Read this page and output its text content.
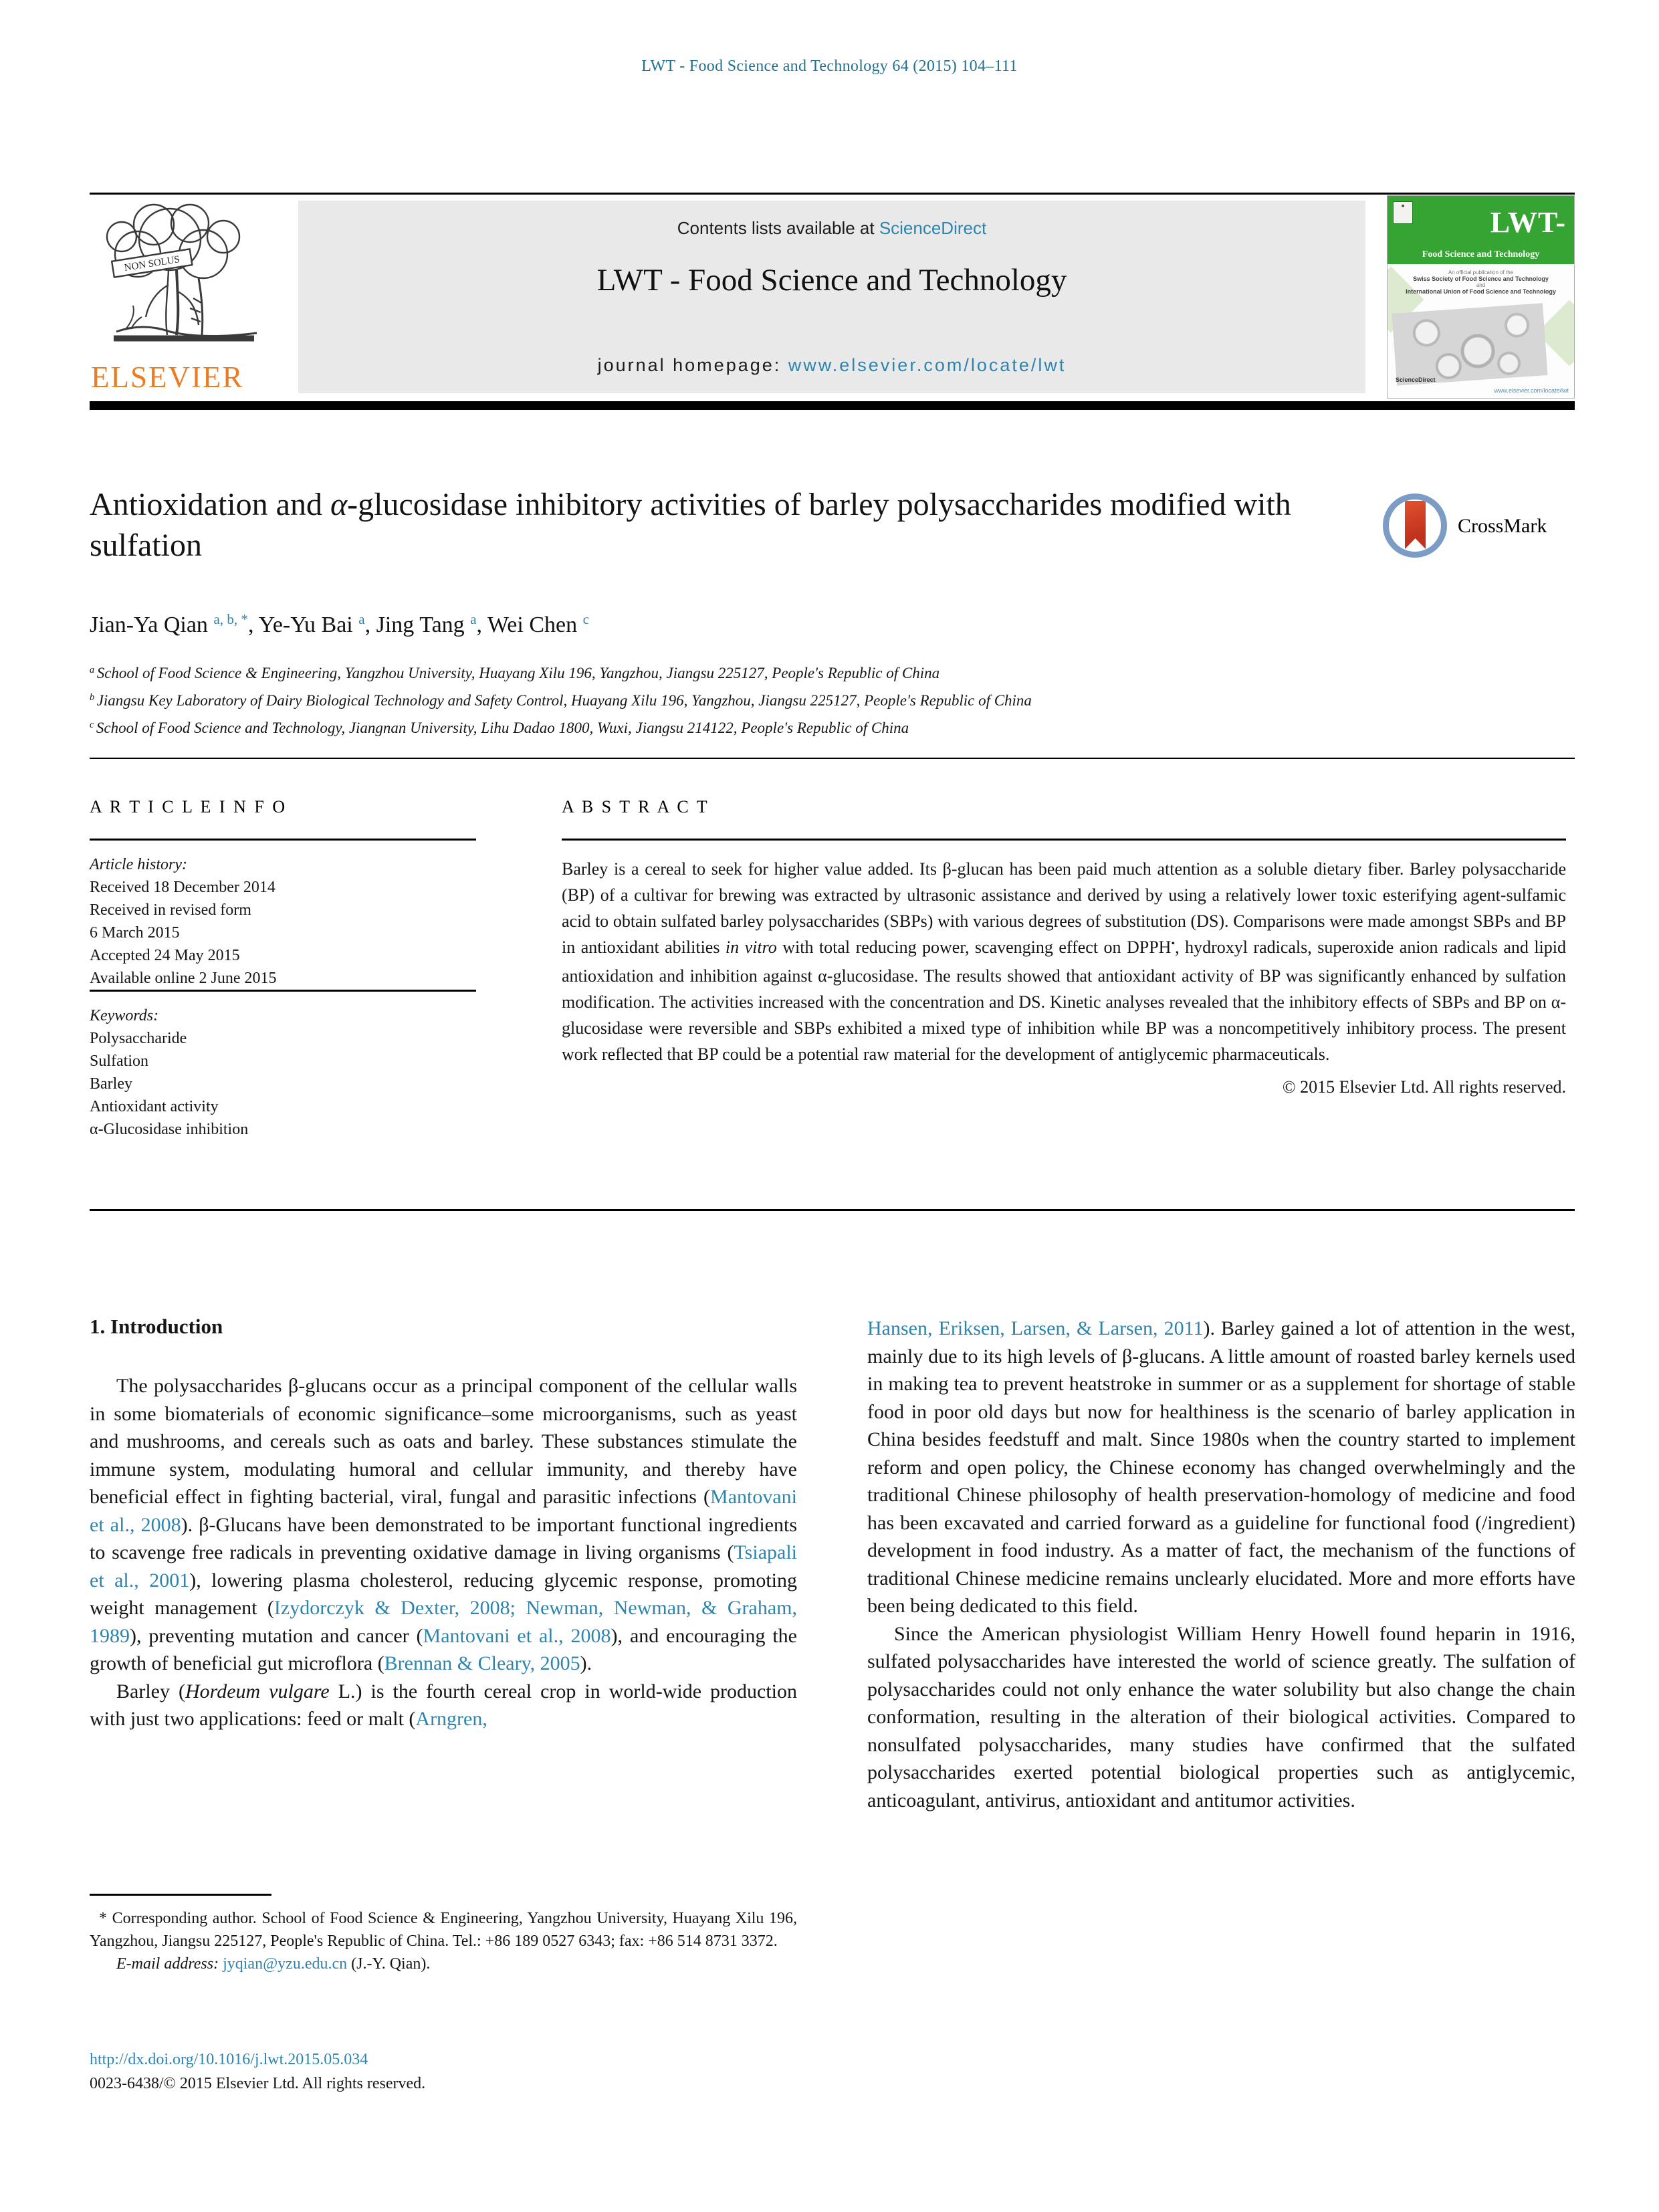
LWT - Food Science and Technology 64 (2015) 104–111
NON SOLUS
ELSEVIER
Contents lists available at ScienceDirect
LWT - Food Science and Technology
journal homepage: www.elsevier.com/locate/lwt
♣	LWT-
Food Science and Technology
An official publication of the
Swiss Society of Food Science and Technology
and
International Union of Food Science and Technology
ScienceDirect
www.elsevier.com/locate/lwt
CrossMark
Antioxidation and α-glucosidase inhibitory activities of barley polysaccharides modified with sulfation
Jian-Ya Qian $^{a, b, *}$, Ye-Yu Bai $^a$, Jing Tang $^a$, Wei Chen $^c$
$^a$ School of Food Science & Engineering, Yangzhou University, Huayang Xilu 196, Yangzhou, Jiangsu 225127, People's Republic of China
$^b$ Jiangsu Key Laboratory of Dairy Biological Technology and Safety Control, Huayang Xilu 196, Yangzhou, Jiangsu 225127, People's Republic of China
$^c$ School of Food Science and Technology, Jiangnan University, Lihu Dadao 1800, Wuxi, Jiangsu 214122, People's Republic of China
A R T I C L E I N F O	A B S T R A C T
Article history:
Received 18 December 2014
Received in revised form
6 March 2015
Accepted 24 May 2015
Available online 2 June 2015
Keywords:
Polysaccharide
Sulfation
Barley
Antioxidant activity
α-Glucosidase inhibition
Barley is a cereal to seek for higher value added. Its β-glucan has been paid much attention as a soluble dietary fiber. Barley polysaccharide (BP) of a cultivar for brewing was extracted by ultrasonic assistance and derived by using a relatively lower toxic esterifying agent-sulfamic acid to obtain sulfated barley polysaccharides (SBPs) with various degrees of substitution (DS). Comparisons were made amongst SBPs and BP in antioxidant abilities in vitro with total reducing power, scavenging effect on DPPH•, hydroxyl radicals, superoxide anion radicals and lipid antioxidation and inhibition against α-glucosidase. The results showed that antioxidant activity of BP was significantly enhanced by sulfation modification. The activities increased with the concentration and DS. Kinetic analyses revealed that the inhibitory effects of SBPs and BP on α-glucosidase were reversible and SBPs exhibited a mixed type of inhibition while BP was a noncompetitively inhibitory process. The present work reflected that BP could be a potential raw material for the development of antiglycemic pharmaceuticals.
© 2015 Elsevier Ltd. All rights reserved.
1. Introduction

The polysaccharides β-glucans occur as a principal component of the cellular walls in some biomaterials of economic significance–some microorganisms, such as yeast and mushrooms, and cereals such as oats and barley. These substances stimulate the immune system, modulating humoral and cellular immunity, and thereby have beneficial effect in fighting bacterial, viral, fungal and parasitic infections (Mantovani et al., 2008). β-Glucans have been demonstrated to be important functional ingredients to scavenge free radicals in preventing oxidative damage in living organisms (Tsiapali et al., 2001), lowering plasma cholesterol, reducing glycemic response, promoting weight management (Izydorczyk & Dexter, 2008; Newman, Newman, & Graham, 1989), preventing mutation and cancer (Mantovani et al., 2008), and encouraging the growth of beneficial gut microflora (Brennan & Cleary, 2005).

Barley (Hordeum vulgare L.) is the fourth cereal crop in world-wide production with just two applications: feed or malt (Arngren,

Hansen, Eriksen, Larsen, & Larsen, 2011). Barley gained a lot of attention in the west, mainly due to its high levels of β-glucans. A little amount of roasted barley kernels used in making tea to prevent heatstroke in summer or as a supplement for shortage of stable food in poor old days but now for healthiness is the scenario of barley application in China besides feedstuff and malt. Since 1980s when the country started to implement reform and open policy, the Chinese economy has changed overwhelmingly and the traditional Chinese philosophy of health preservation-homology of medicine and food has been excavated and carried forward as a guideline for functional food (/ingredient) development in food industry. As a matter of fact, the mechanism of the functions of traditional Chinese medicine remains unclearly elucidated. More and more efforts have been being dedicated to this field.

Since the American physiologist William Henry Howell found heparin in 1916, sulfated polysaccharides have interested the world of science greatly. The sulfation of polysaccharides could not only enhance the water solubility but also change the chain conformation, resulting in the alteration of their biological activities. Compared to nonsulfated polysaccharides, many studies have confirmed that the sulfated polysaccharides exerted potential biological properties such as antiglycemic, anticoagulant, antivirus, antioxidant and antitumor activities.

* Corresponding author. School of Food Science & Engineering, Yangzhou University, Huayang Xilu 196, Yangzhou, Jiangsu 225127, People's Republic of China. Tel.: +86 189 0527 6343; fax: +86 514 8731 3372.
E-mail address: jyqian@yzu.edu.cn (J.-Y. Qian).
http://dx.doi.org/10.1016/j.lwt.2015.05.034
0023-6438/© 2015 Elsevier Ltd. All rights reserved.
